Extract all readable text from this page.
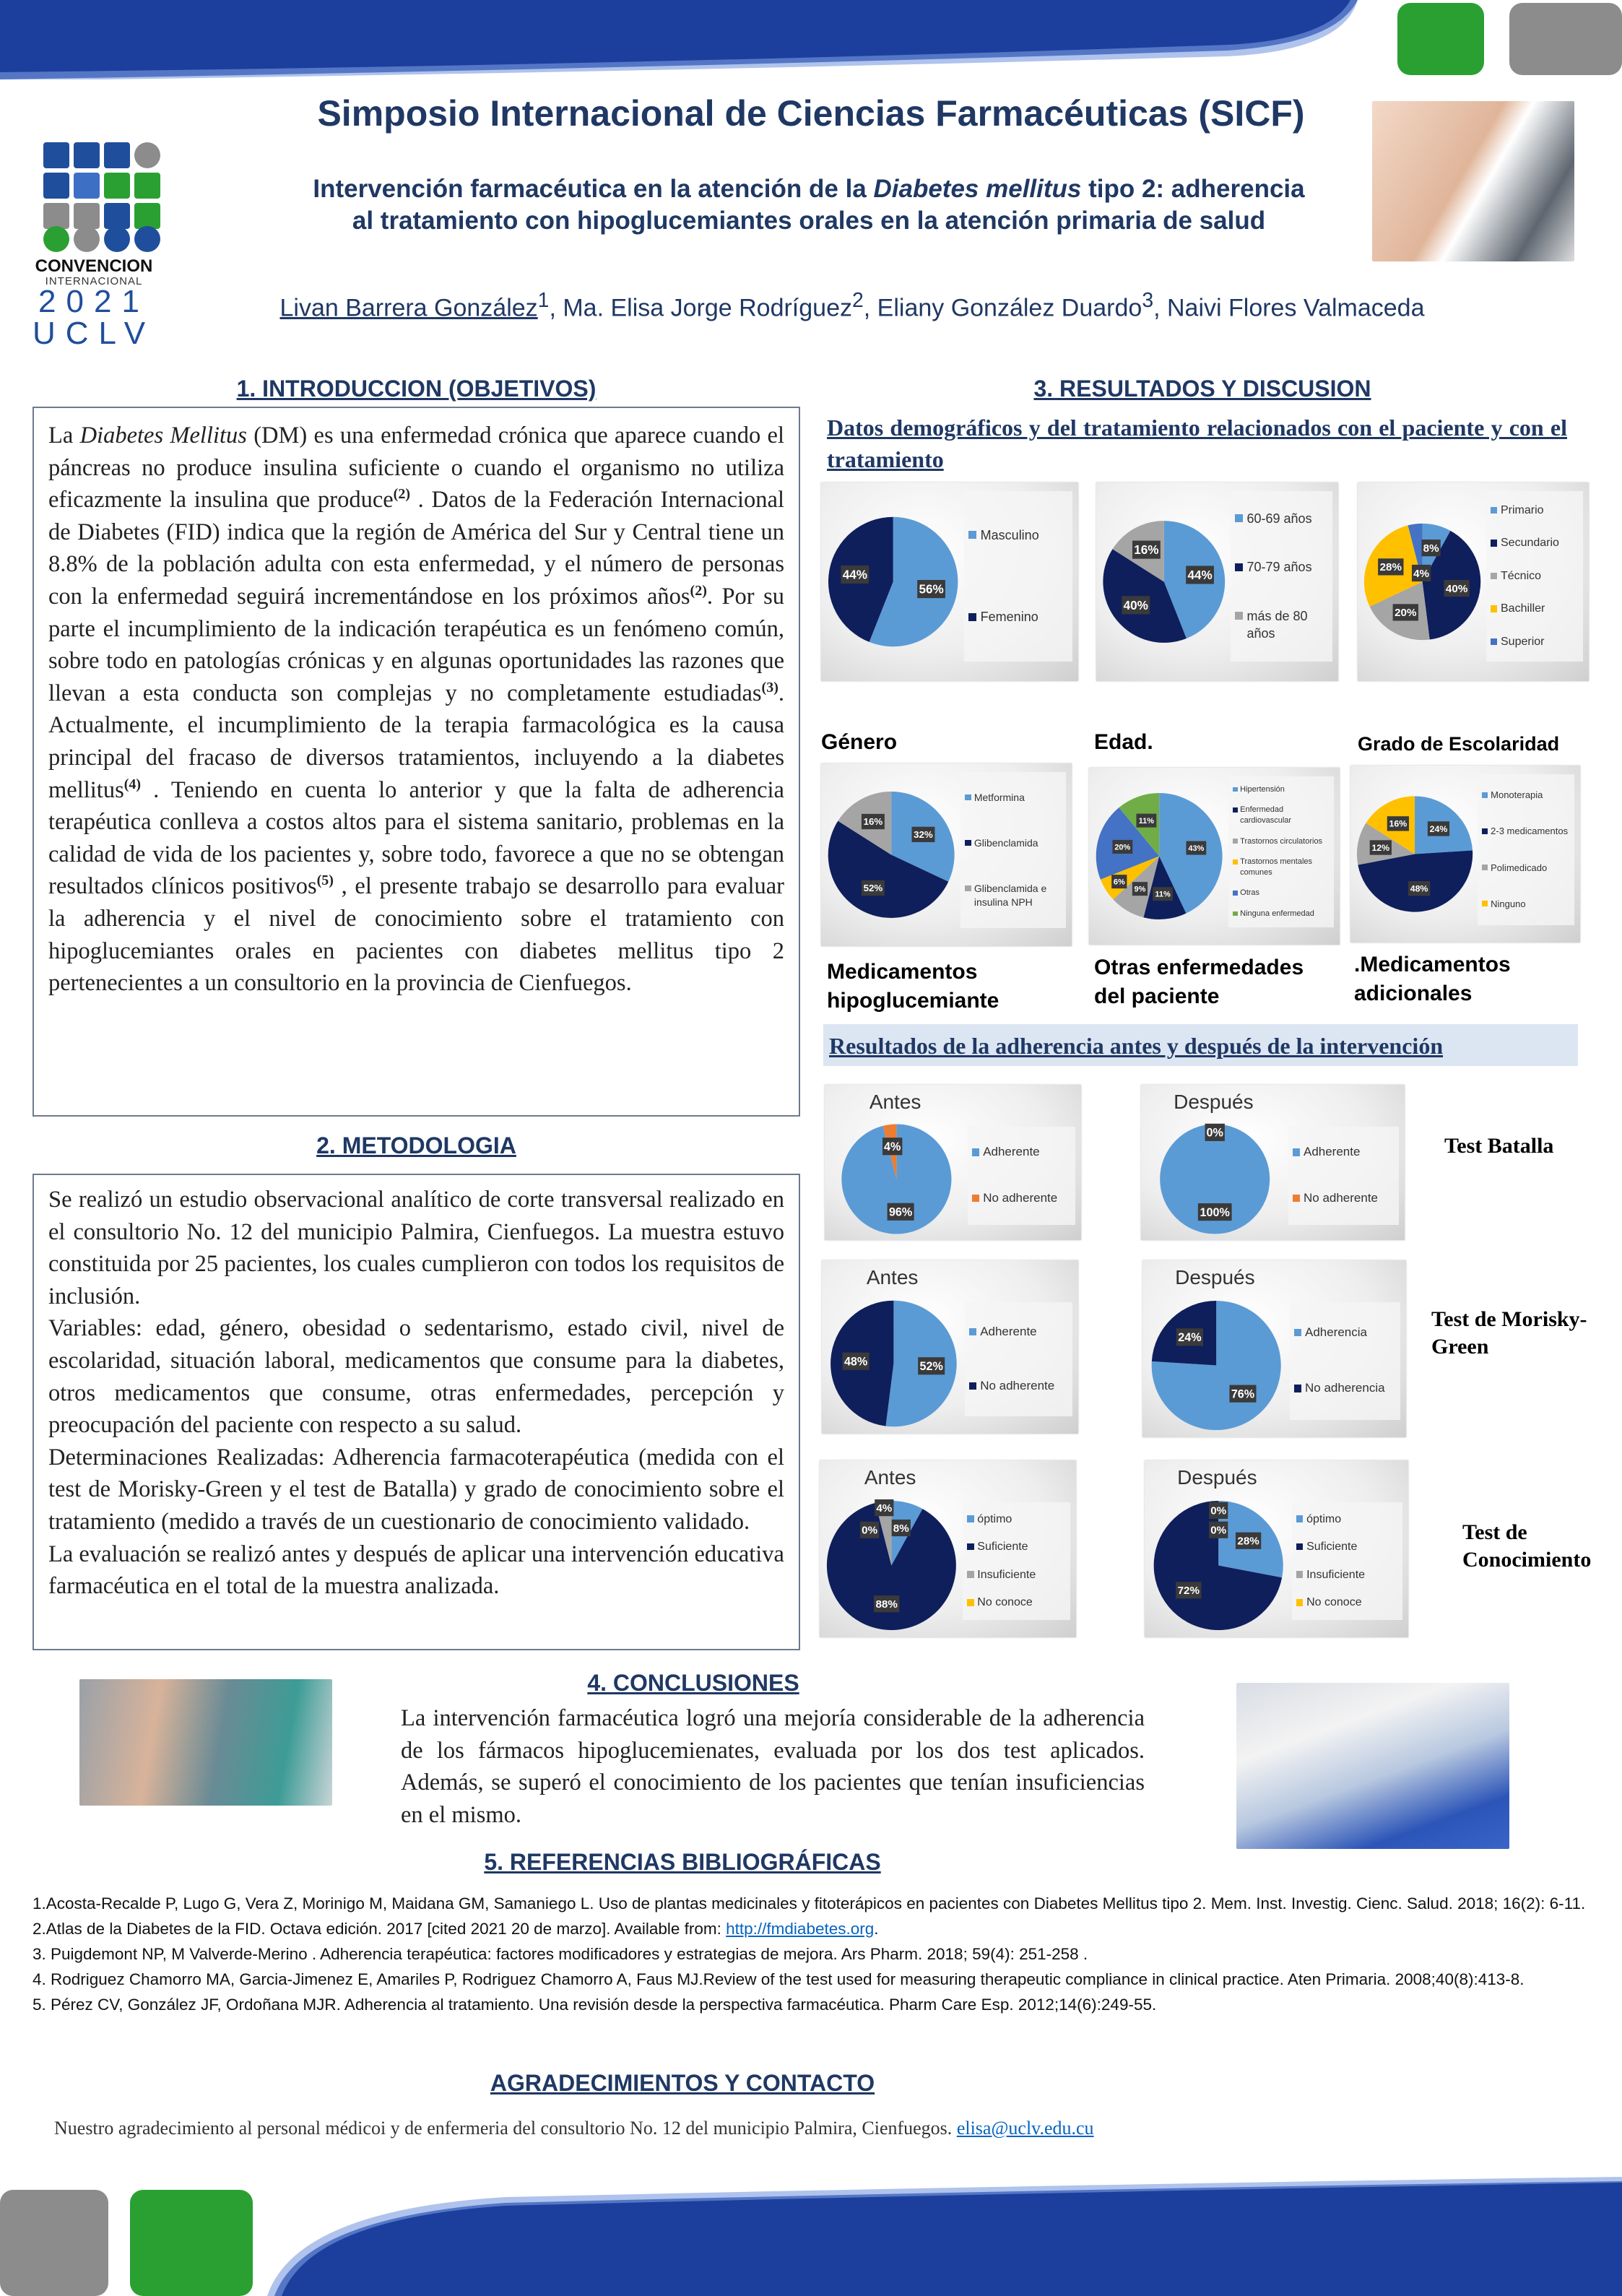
CONVENCION
INTERNACIONAL
2021
UCLV
Simposio Internacional de Ciencias Farmacéuticas (SICF)
Intervención farmacéutica en la atención de la Diabetes mellitus tipo 2: adherencia
al tratamiento con hipoglucemiantes orales en la atención primaria de salud
Livan Barrera González$^1$, Ma. Elisa Jorge Rodríguez$^2$, Eliany González Duardo$^3$, Naivi Flores Valmaceda
1. INTRODUCCION (OBJETIVOS)
La Diabetes Mellitus (DM) es una enfermedad crónica que aparece cuando el páncreas no produce insulina suficiente o cuando el organismo no utiliza eficazmente la insulina que produce$^{(2)}$ . Datos de la Federación Internacional de Diabetes (FID) indica que la región de América del Sur y Central tiene un 8.8% de la población adulta con esta enfermedad, y el número de personas con la enfermedad seguirá incrementándose en los próximos años$^{(2)}$. Por su parte el incumplimiento de la indicación terapéutica es un fenómeno común, sobre todo en patologías crónicas y en algunas oportunidades las razones que llevan a esta conducta son complejas y no completamente estudiadas$^{(3)}$. Actualmente, el incumplimiento de la terapia farmacológica es la causa principal del fracaso de diversos tratamientos, incluyendo a la diabetes mellitus$^{(4)}$ . Teniendo en cuenta lo anterior y que la falta de adherencia terapéutica conlleva a costos altos para el sistema sanitario, problemas en la calidad de vida de los pacientes y, sobre todo, favorece a que no se obtengan resultados clínicos positivos$^{(5)}$ , el presente trabajo se desarrollo para evaluar la adherencia y el nivel de conocimiento sobre el tratamiento con hipoglucemiantes orales en pacientes con diabetes mellitus tipo 2 pertenecientes a un consultorio en la provincia de Cienfuegos.
2. METODOLOGIA
Se realizó un estudio observacional analítico de corte transversal realizado en el consultorio No. 12 del municipio Palmira, Cienfuegos. La muestra estuvo constituida por 25 pacientes, los cuales cumplieron con todos los requisitos de inclusión.
Variables: edad, género, obesidad o sedentarismo, estado civil, nivel de escolaridad, situación laboral, medicamentos que consume para la diabetes, otros medicamentos que consume, otras enfermedades, percepción y preocupación del paciente con respecto a su salud.
Determinaciones Realizadas: Adherencia farmacoterapéutica (medida con el test de Morisky-Green y el test de Batalla) y grado de conocimiento sobre el tratamiento (medido a través de un cuestionario de conocimiento validado.
La evaluación se realizó antes y después de aplicar una intervención educativa farmacéutica en el total de la muestra analizada.
3. RESULTADOS Y DISCUSION
Datos demográficos y del tratamiento relacionados con el paciente y con el tratamiento
56%
44%
Masculino
Femenino
44%
40%
16%
60-69 años
70-79 años
más de 80 años
8%
40%
20%
28%
4%
Primario
Secundario
Técnico
Bachiller
Superior
Género	Edad.	Grado de Escolaridad
32%
52%
16%
Metformina
Glibenclamida
Glibenclamida e insulina NPH
43%
11%
9%
6%
20%
11%
Hipertensión
Enfermedad cardiovascular
Trastornos circulatorios
Trastornos mentales comunes
Otras
Ninguna enfermedad
24%
48%
12%
16%
Monoterapia
2-3 medicamentos
Polimedicado
Ninguno
Medicamentos hipoglucemiante
Otras enfermedades del paciente
.Medicamentos adicionales
Resultados de la adherencia antes y después de la intervención
Antes
96%
4%	Adherente
No adherente
Después
100%
0%
Adherente
No adherente
Test Batalla
Antes
52%
48%
Adherente
No adherente
Después
76%
24%	Adherencia
No adherencia
Test de Morisky-Green
Antes
8%
88%
4%
0%
óptimo
Suficiente
Insuficiente
No conoce
Después
28%
72%
0%
0%
óptimo
Suficiente
Insuficiente
No conoce
Test de Conocimiento
4. CONCLUSIONES
La intervención farmacéutica logró una mejoría considerable de la adherencia de los fármacos hipoglucemienates, evaluada por los dos test aplicados. Además, se superó el conocimiento de los pacientes que tenían insuficiencias en el mismo.
5. REFERENCIAS BIBLIOGRÁFICAS
1.Acosta-Recalde P, Lugo G, Vera Z, Morinigo M, Maidana GM, Samaniego L. Uso de plantas medicinales y fitoterápicos en pacientes con Diabetes Mellitus tipo 2. Mem. Inst. Investig. Cienc. Salud. 2018; 16(2): 6-11.
2.Atlas de la Diabetes de la FID. Octava edición. 2017 [cited 2021 20 de marzo]. Available from: http://fmdiabetes.org.
3. Puigdemont NP, M Valverde-Merino . Adherencia terapéutica: factores modificadores y estrategias de mejora. Ars Pharm. 2018; 59(4): 251-258 .
4. Rodriguez Chamorro MA, Garcia-Jimenez E, Amariles P, Rodriguez Chamorro A, Faus MJ.Review of the test used for measuring therapeutic compliance in clinical practice. Aten Primaria. 2008;40(8):413-8.
5. Pérez CV, González JF, Ordoñana MJR. Adherencia al tratamiento. Una revisión desde la perspectiva farmacéutica. Pharm Care Esp. 2012;14(6):249-55.
AGRADECIMIENTOS Y CONTACTO
Nuestro agradecimiento al personal médicoi y de enfermeria del consultorio No. 12 del municipio Palmira, Cienfuegos. elisa@uclv.edu.cu
